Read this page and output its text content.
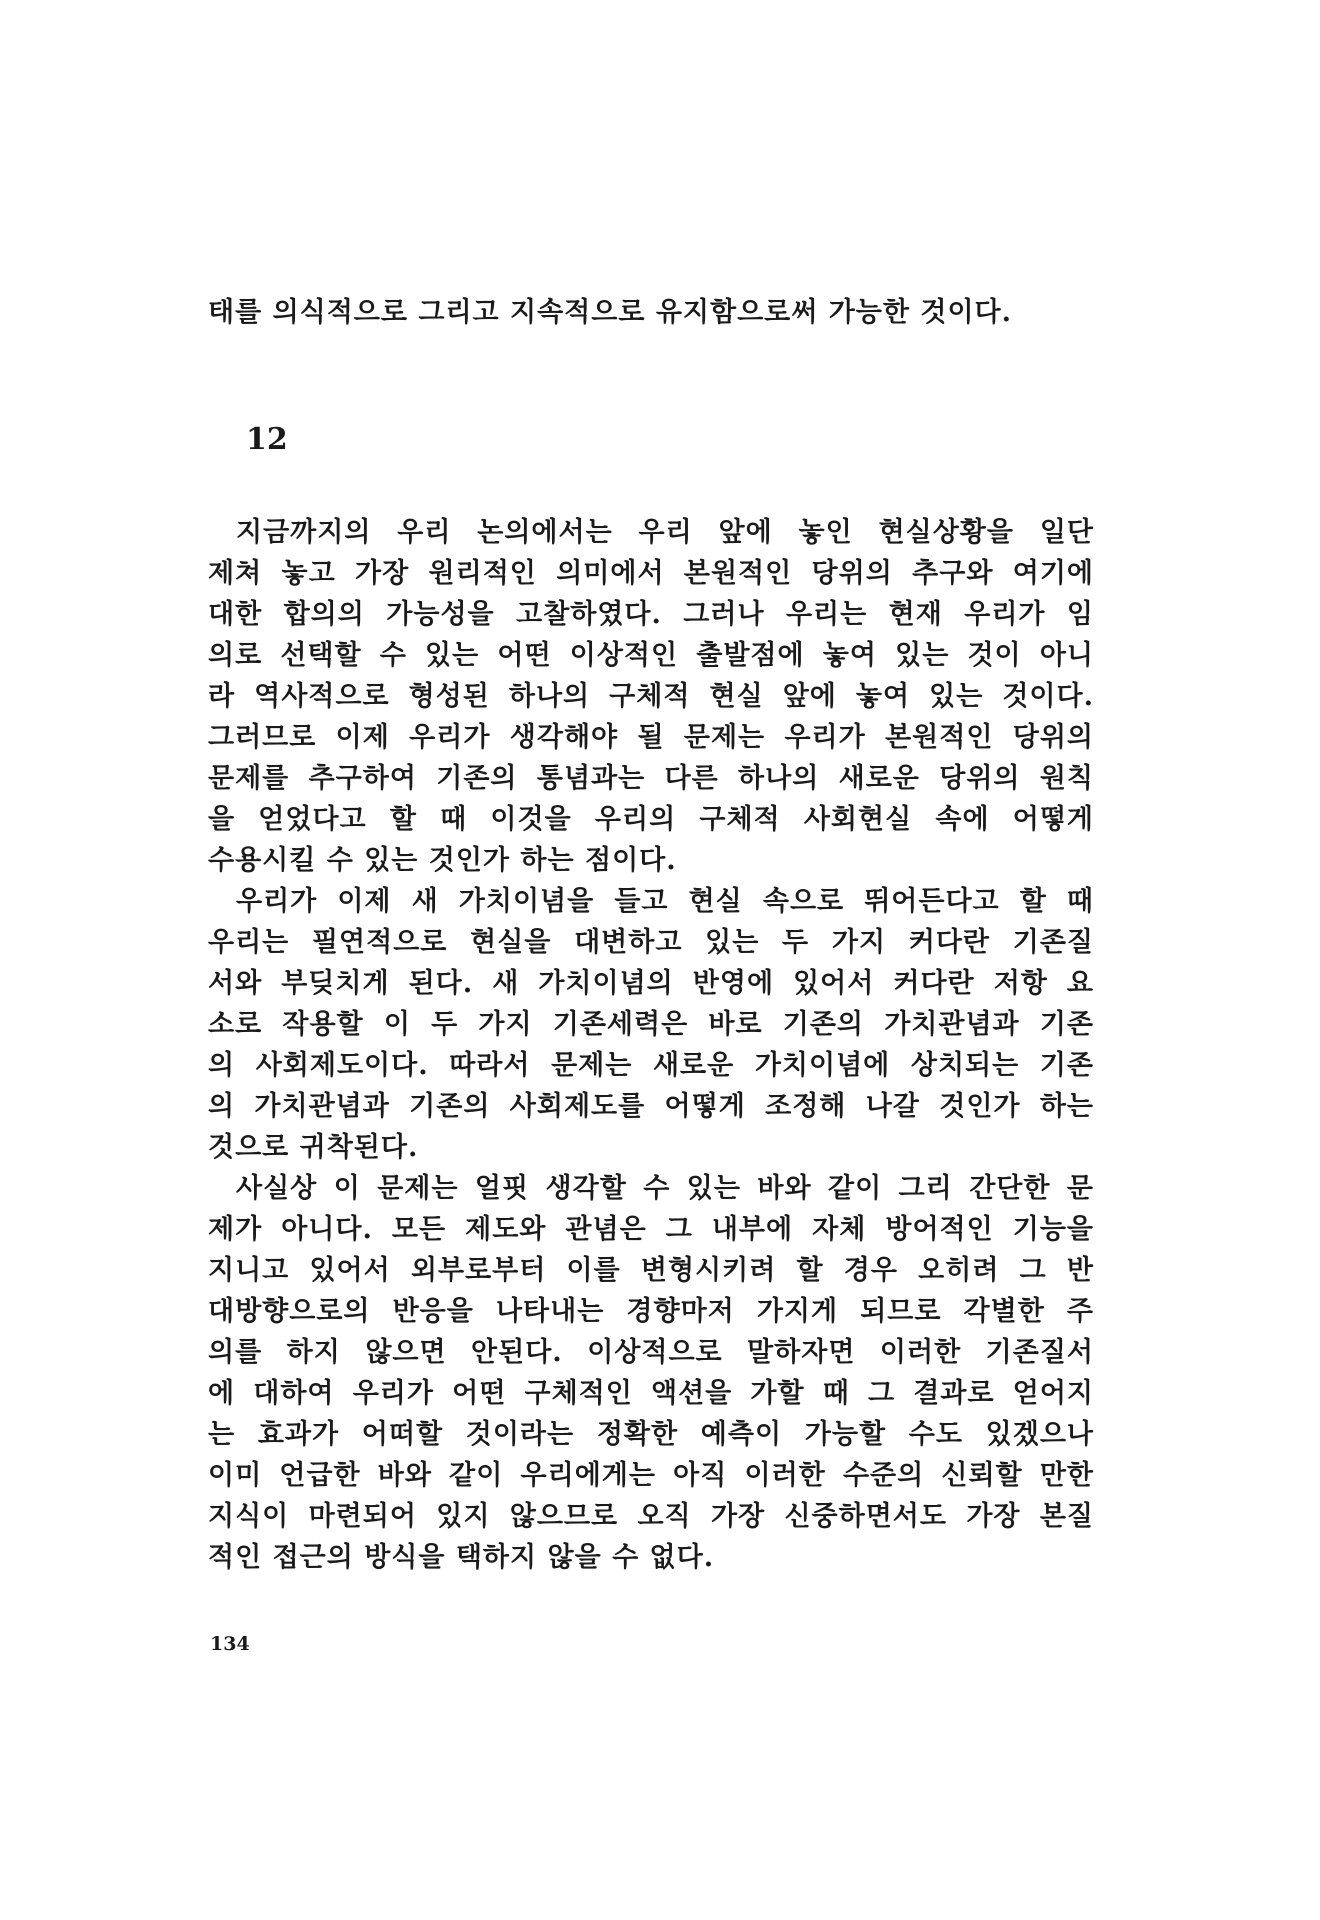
태를 의식적으로 그리고 지속적으로 유지함으로써 가능한 것이다.
12
지금까지의 우리 논의에서는 우리 앞에 놓인 현실상황을 일단
제쳐 놓고 가장 원리적인 의미에서 본원적인 당위의 추구와 여기에
대한 합의의 가능성을 고찰하였다. 그러나 우리는 현재 우리가 임
의로 선택할 수 있는 어떤 이상적인 출발점에 놓여 있는 것이 아니
라 역사적으로 형성된 하나의 구체적 현실 앞에 놓여 있는 것이다.
그러므로 이제 우리가 생각해야 될 문제는 우리가 본원적인 당위의
문제를 추구하여 기존의 통념과는 다른 하나의 새로운 당위의 원칙
을 얻었다고 할 때 이것을 우리의 구체적 사회현실 속에 어떻게
수용시킬 수 있는 것인가 하는 점이다.
우리가 이제 새 가치이념을 들고 현실 속으로 뛰어든다고 할 때
우리는 필연적으로 현실을 대변하고 있는 두 가지 커다란 기존질
서와 부딪치게 된다. 새 가치이념의 반영에 있어서 커다란 저항 요
소로 작용할 이 두 가지 기존세력은 바로 기존의 가치관념과 기존
의 사회제도이다. 따라서 문제는 새로운 가치이념에 상치되는 기존
의 가치관념과 기존의 사회제도를 어떻게 조정해 나갈 것인가 하는
것으로 귀착된다.
사실상 이 문제는 얼핏 생각할 수 있는 바와 같이 그리 간단한 문
제가 아니다. 모든 제도와 관념은 그 내부에 자체 방어적인 기능을
지니고 있어서 외부로부터 이를 변형시키려 할 경우 오히려 그 반
대방향으로의 반응을 나타내는 경향마저 가지게 되므로 각별한 주
의를 하지 않으면 안된다. 이상적으로 말하자면 이러한 기존질서
에 대하여 우리가 어떤 구체적인 액션을 가할 때 그 결과로 얻어지
는 효과가 어떠할 것이라는 정확한 예측이 가능할 수도 있겠으나
이미 언급한 바와 같이 우리에게는 아직 이러한 수준의 신뢰할 만한
지식이 마련되어 있지 않으므로 오직 가장 신중하면서도 가장 본질
적인 접근의 방식을 택하지 않을 수 없다.
134
